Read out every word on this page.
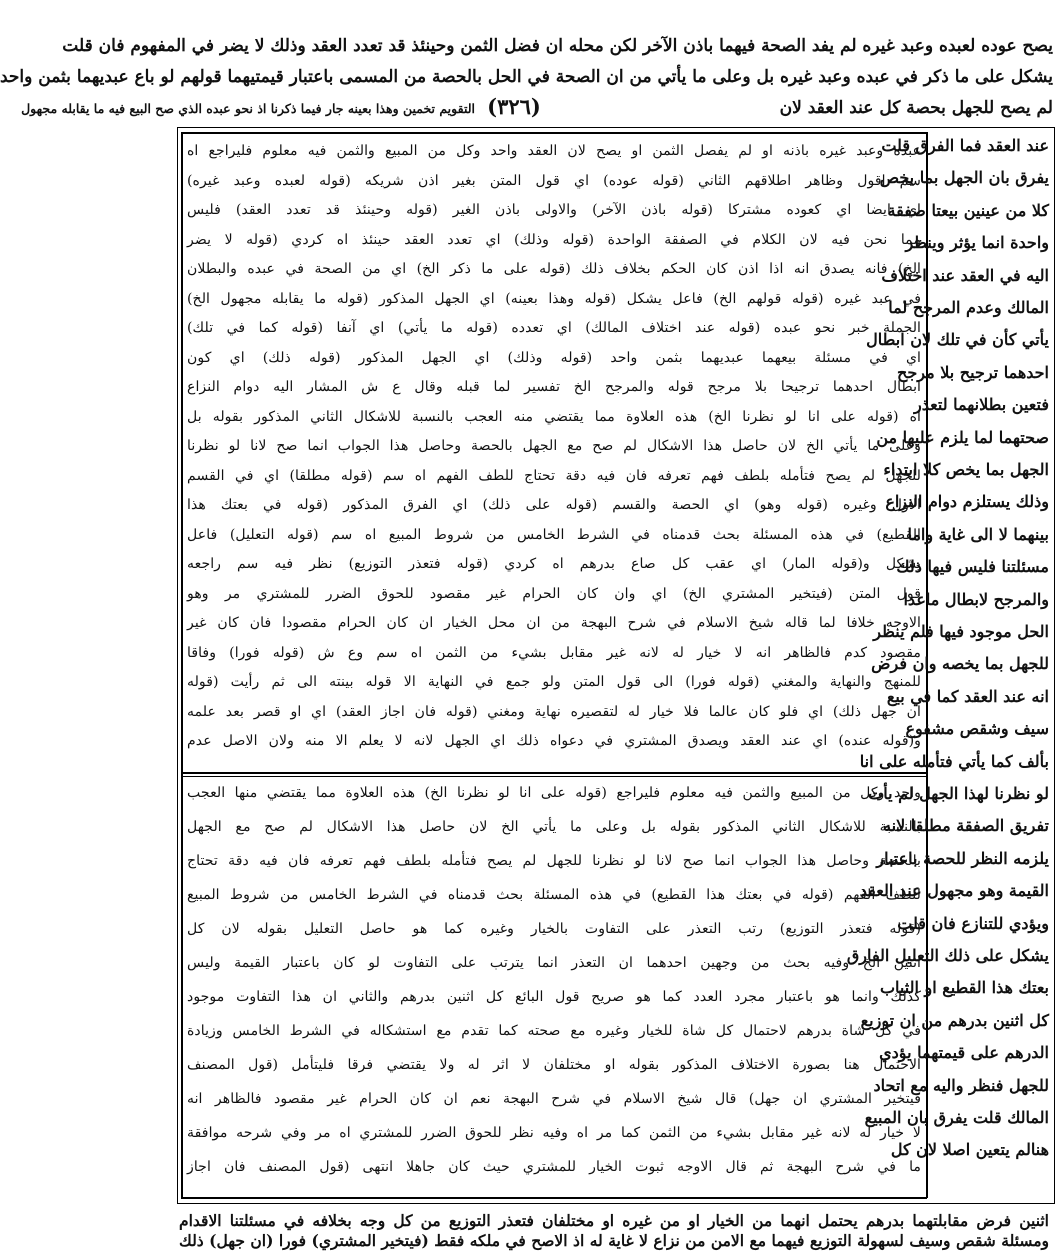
يصح عوده لعبده وعبد غيره لم يفد الصحة فيهما باذن الآخر لكن محله ان فضل الثمن وحينئذ قد تعدد العقد وذلك لا يضر في المفهوم فان قلت
يشكل على ما ذكر في عبده وعبد غيره بل وعلى ما يأتي من ان الصحة في الحل بالحصة من المسمى باعتبار قيمتيهما قولهم لو باع عبديهما بثمن واحد
لم يصح للجهل بحصة كل عند العقد لان
(٣٢٦)
التقويم تخمين وهذا بعينه جار فيما ذكرنا اذ نحو عبده الذي صح البيع فيه ما يقابله مجهول
عند العقد فما الفرق قلت
يفرق بان الجهل بما يخص
كلا من عينين بيعتا صفقة
واحدة انما يؤثر وينظر
اليه في العقد عند اختلاف
المالك وعدم المرجح لما
يأتي كأن في تلك لان ابطال
احدهما ترجيح بلا مرجح
فتعين بطلانهما لتعذر
صحتهما لما يلزم عليها من
الجهل بما يخص كلا ابتداء
وذلك يستلزم دوام النزاع
بينهما لا الى غاية واما
مسئلتنا فليس فيها ذلك
والمرجح لابطال ماعدا
الحل موجود فيها فلم ينظر
للجهل بما يخصه وان فرض
انه عند العقد كما في بيع
سيف وشقص مشفوع
بألف كما يأتي فتأمله على انا
لو نظرنا لهذا الجهل لم يأت
تفريق الصفقة مطلقا لانه
يلزمه النظر للحصة باعتبار
القيمة وهو مجهول عند العقد
ويؤدي للتنازع فان قلت
يشكل على ذلك التعليل الفارق
بعتك هذا القطيع او الثياب
كل اثنين بدرهم من ان توزيع
الدرهم على قيمتهما يؤدي
للجهل فنظر واليه مع اتحاد
المالك قلت يفرق بان المبيع
هنالم يتعين اصلا لان كل
عبده وعبد غيره باذنه او لم يفصل الثمن او يصح لان العقد واحد وكل من المبيع والثمن فيه معلوم فليراجع اه
سم اقول وظاهر اطلاقهم الثاني (قوله عوده) اي قول المتن بغير اذن شريكه (قوله لعبده وعبد غيره)
اي ايضا اي كعوده مشتركا (قوله باذن الآخر) والاولى باذن الغير (قوله وحينئذ قد تعدد العقد) فليس
مما نحن فيه لان الكلام في الصفقة الواحدة (قوله وذلك) اي تعدد العقد حينئذ اه كردي (قوله لا يضر
الخ) فانه يصدق انه اذا اذن كان الحكم بخلاف ذلك (قوله على ما ذكر الخ) اي من الصحة في عبده والبطلان
في عبد غيره (قوله قولهم الخ) فاعل يشكل (قوله وهذا بعينه) اي الجهل المذكور (قوله ما يقابله مجهول الخ)
الجملة خبر نحو عبده (قوله عند اختلاف المالك) اي تعدده (قوله ما يأتي) اي آنفا (قوله كما في تلك)
اي في مسئلة بيعهما عبديهما بثمن واحد (قوله وذلك) اي الجهل المذكور (قوله ذلك) اي كون
ابطال احدهما ترجيحا بلا مرجح قوله والمرجح الخ تفسير لما قبله وقال ع ش المشار اليه دوام النزاع
اه (قوله على انا لو نظرنا الخ) هذه العلاوة مما يقتضي منه العجب بالنسبة للاشكال الثاني المذكور بقوله بل
وعلى ما يأتي الخ لان حاصل هذا الاشكال لم صح مع الجهل بالحصة وحاصل هذا الجواب انما صح لانا لو نظرنا
للجهل لم يصح فتأمله بلطف فهم تعرفه فان فيه دقة تحتاج للطف الفهم اه سم (قوله مطلقا) اي في القسم
الاول وغيره (قوله وهو) اي الحصة والقسم (قوله على ذلك) اي الفرق المذكور (قوله في بعتك هذا
القطيع) في هذه المسئلة بحث قدمناه في الشرط الخامس من شروط المبيع اه سم (قوله التعليل) فاعل
يشكل و(قوله المار) اي عقب كل صاع بدرهم اه كردي (قوله فتعذر التوزيع) نظر فيه سم راجعه
قول المتن (فيتخير المشتري الخ) اي وان كان الحرام غير مقصود للحوق الضرر للمشتري مر وهو
الاوجه خلافا لما قاله شيخ الاسلام في شرح البهجة من ان محل الخيار ان كان الحرام مقصودا فان كان غير
مقصود كدم فالظاهر انه لا خيار له لانه غير مقابل بشيء من الثمن اه سم وع ش (قوله فورا) وفاقا
للمنهج والنهاية والمغني (قوله فورا) الى قول المتن ولو جمع في النهاية الا قوله بينته الى ثم رأيت (قوله
ان جهل ذلك) اي فلو كان عالما فلا خيار له لتقصيره نهاية ومغني (قوله فان اجاز العقد) اي او قصر بعد علمه
و(قوله عنده) اي عند العقد ويصدق المشتري في دعواه ذلك اي الجهل لانه لا يعلم الا منه ولان الاصل عدم
واحد وكل من المبيع والثمن فيه معلوم فليراجع (قوله على انا لو نظرنا الخ) هذه العلاوة مما يقتضي منها العجب
بالنسبة للاشكال الثاني المذكور بقوله بل وعلى ما يأتي الخ لان حاصل هذا الاشكال لم صح مع الجهل
بالحصة وحاصل هذا الجواب انما صح لانا لو نظرنا للجهل لم يصح فتأمله بلطف فهم تعرفه فان فيه دقة تحتاج
للطف الفهم (قوله في بعتك هذا القطيع) في هذه المسئلة بحث قدمناه في الشرط الخامس من شروط المبيع
(قوله فتعذر التوزيع) رتب التعذر على التفاوت بالخيار وغيره كما هو حاصل التعليل بقوله لان كل
اثنين الخ وفيه بحث من وجهين احدهما ان التعذر انما يترتب على التفاوت لو كان باعتبار القيمة وليس
كذلك وانما هو باعتبار مجرد العدد كما هو صريح قول البائع كل اثنين بدرهم والثاني ان هذا التفاوت موجود
في كل شاة بدرهم لاحتمال كل شاة للخيار وغيره مع صحته كما تقدم مع استشكاله في الشرط الخامس وزيادة
الاحتمال هنا بصورة الاختلاف المذكور بقوله او مختلفان لا اثر له ولا يقتضي فرقا فليتأمل (قول المصنف
فيتخير المشتري ان جهل) قال شيخ الاسلام في شرح البهجة نعم ان كان الحرام غير مقصود فالظاهر انه
لا خيار له لانه غير مقابل بشيء من الثمن كما مر اه وفيه نظر للحوق الضرر للمشتري اه مر وفي شرحه موافقة
ما في شرح البهجة ثم قال الاوجه ثبوت الخيار للمشتري حيث كان جاهلا انتهى (قول المصنف فان اجاز
اثنين فرض مقابلتهما بدرهم يحتمل انهما من الخيار او من غيره او مختلفان فتعذر التوزيع من كل وجه بخلافه في مسئلتنا الاقدام
ومسئلة شقص وسيف لسهولة التوزيع فيهما مع الامن من نزاع لا غاية له اذ الاصح في ملكه فقط (فيتخير المشتري) فورا (ان جهل) ذلك
